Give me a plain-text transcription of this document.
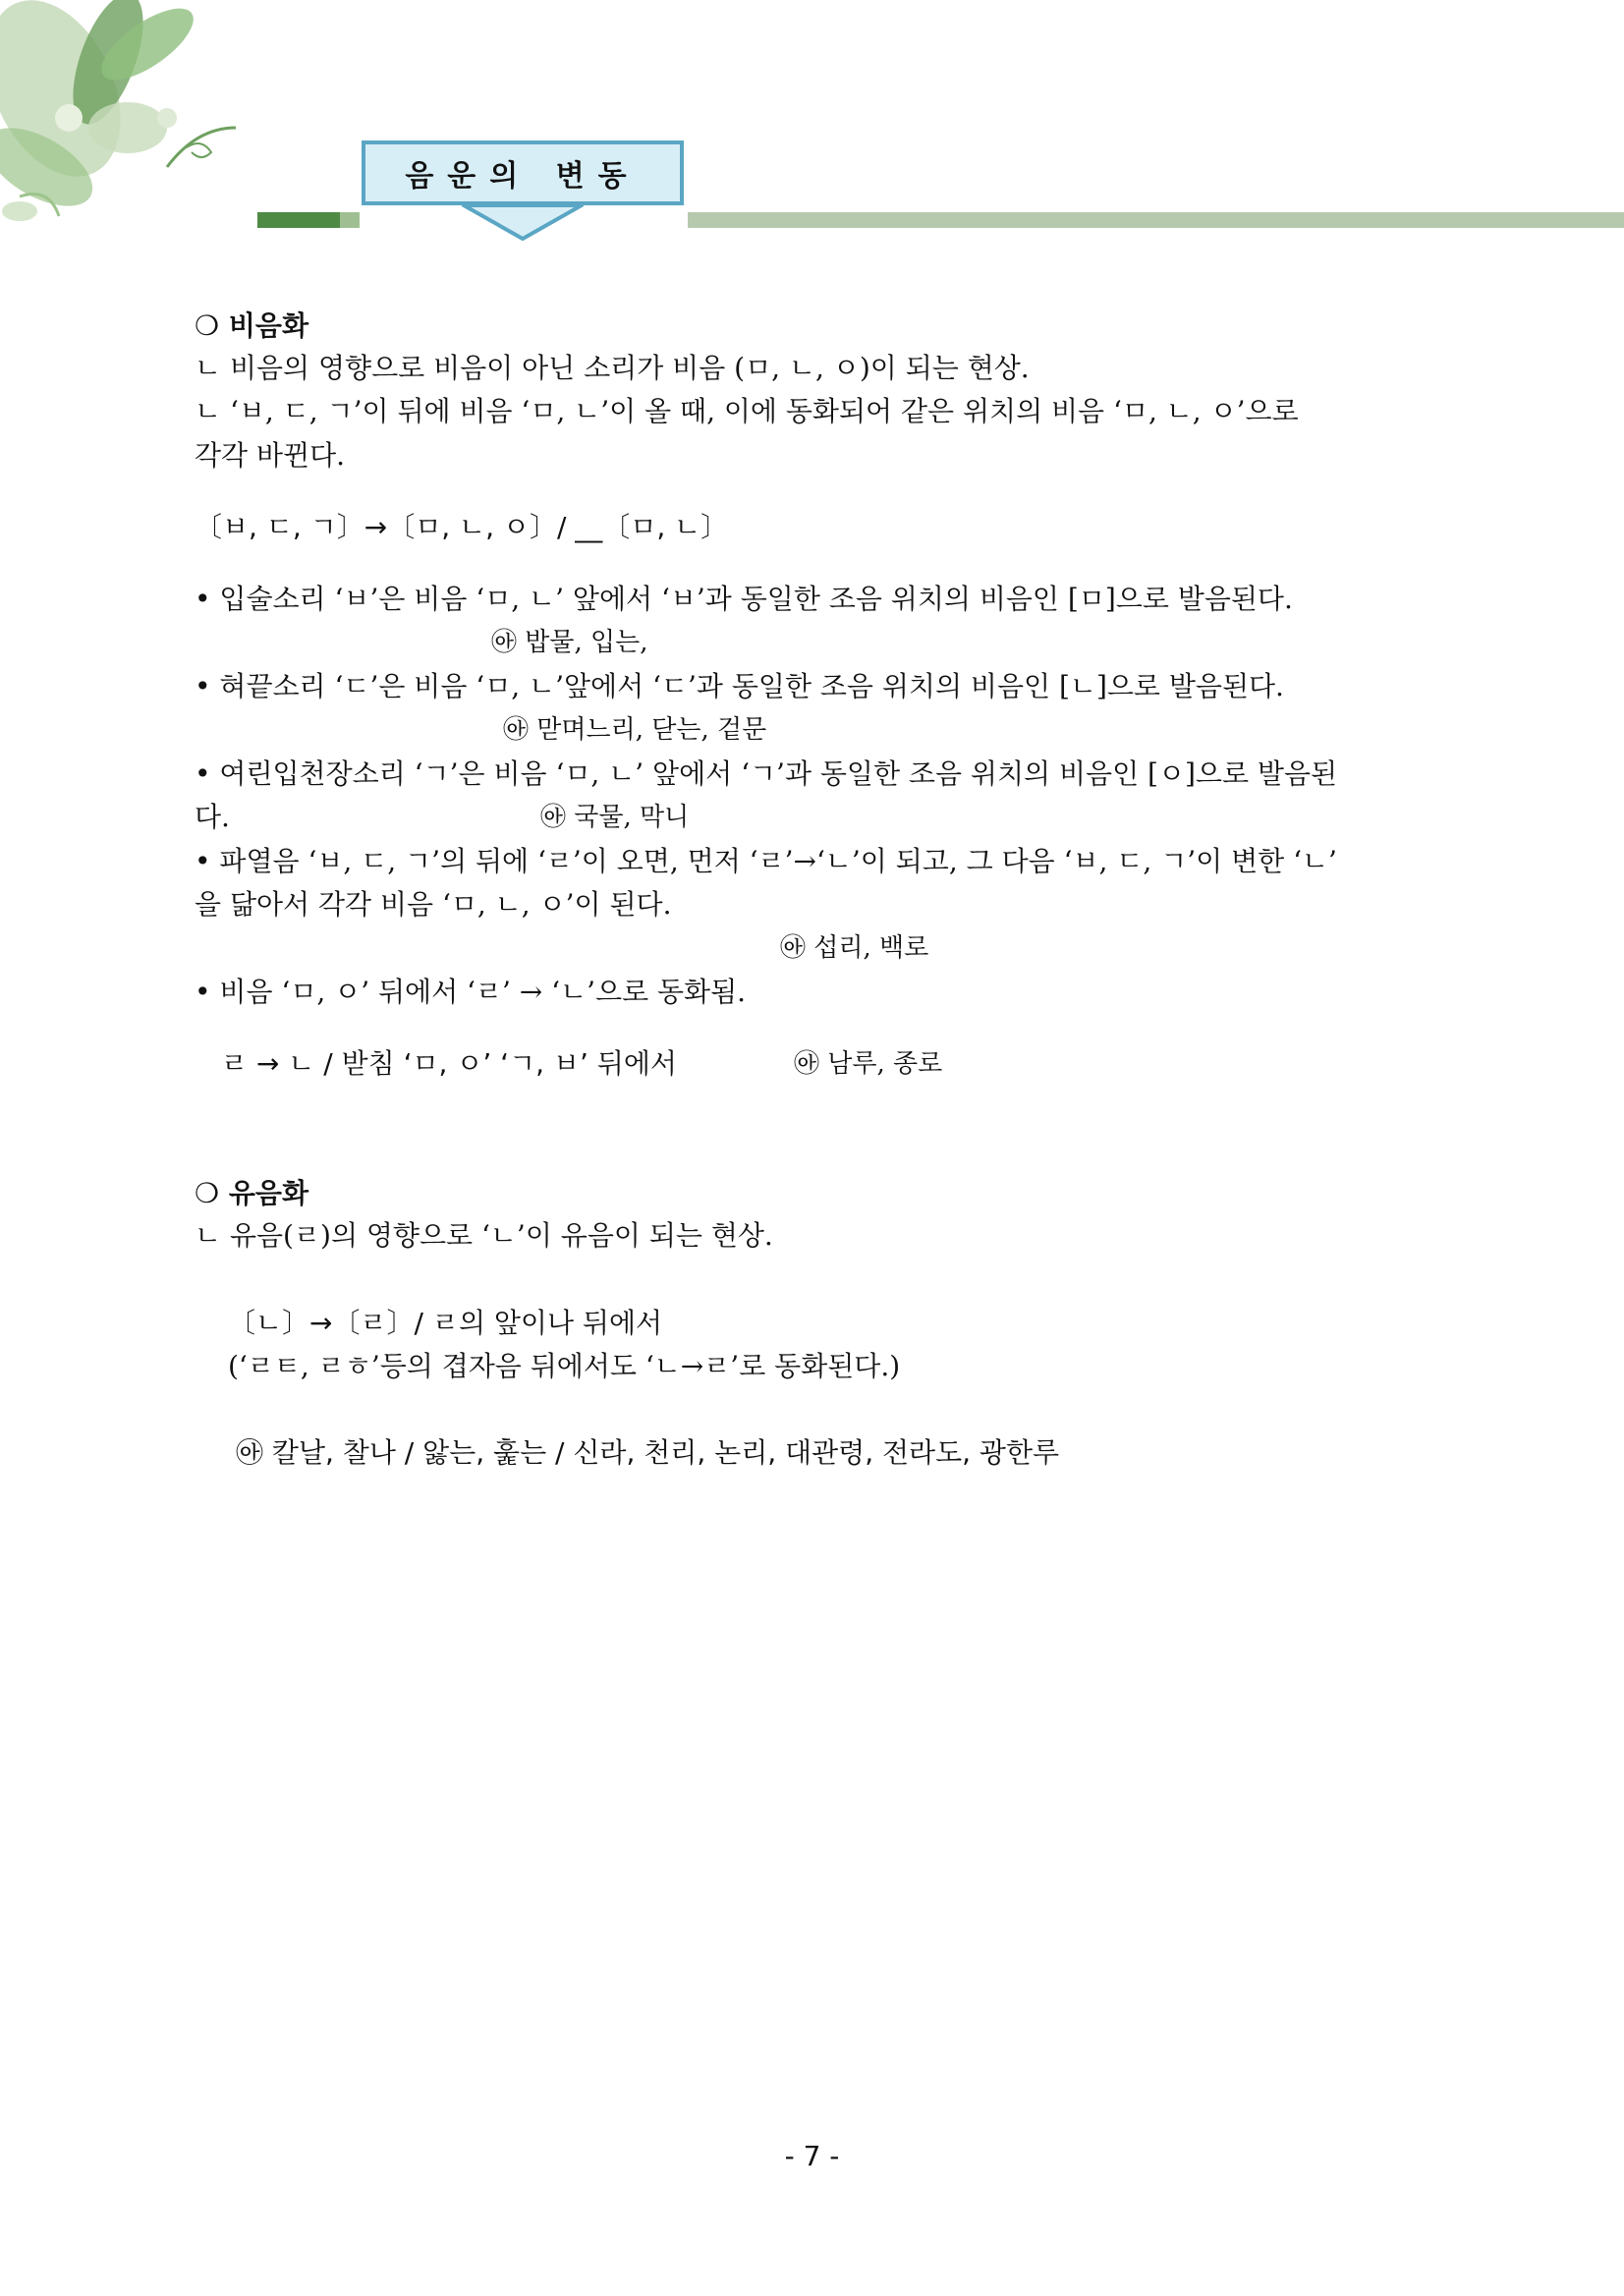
음운의 변동
❍ 비음화
ㄴ 비음의 영향으로 비음이 아닌 소리가 비음 (ㅁ, ㄴ, ㅇ)이 되는 현상.
ㄴ ‘ㅂ, ㄷ, ㄱ’이 뒤에 비음 ‘ㅁ, ㄴ’이 올 때, 이에 동화되어 같은 위치의 비음 ‘ㅁ, ㄴ, ㅇ’으로
각각 바뀐다.
〔ㅂ, ㄷ, ㄱ〕→〔ㅁ, ㄴ, ㅇ〕/ __〔ㅁ, ㄴ〕
• 입술소리 ‘ㅂ’은 비음 ‘ㅁ, ㄴ’ 앞에서 ‘ㅂ’과 동일한 조음 위치의 비음인 [ㅁ]으로 발음된다.
㉵ 밥물, 입는,
• 혀끝소리 ‘ㄷ’은 비음 ‘ㅁ, ㄴ’앞에서 ‘ㄷ’과 동일한 조음 위치의 비음인 [ㄴ]으로 발음된다.
㉵ 맏며느리, 닫는, 겉문
• 여린입천장소리 ‘ㄱ’은 비음 ‘ㅁ, ㄴ’ 앞에서 ‘ㄱ’과 동일한 조음 위치의 비음인 [ㅇ]으로 발음된
다.	㉵ 국물, 막니
• 파열음 ‘ㅂ, ㄷ, ㄱ’의 뒤에 ‘ㄹ’이 오면, 먼저 ‘ㄹ’→‘ㄴ’이 되고, 그 다음 ‘ㅂ, ㄷ, ㄱ’이 변한 ‘ㄴ’
을 닮아서 각각 비음 ‘ㅁ, ㄴ, ㅇ’이 된다.
㉵ 섭리, 백로
• 비음 ‘ㅁ, ㅇ’ 뒤에서 ‘ㄹ’ → ‘ㄴ’으로 동화됨.
ㄹ → ㄴ / 받침 ‘ㅁ, ㅇ’ ‘ㄱ, ㅂ’ 뒤에서	㉵ 남루, 종로
❍ 유음화
ㄴ 유음(ㄹ)의 영향으로 ‘ㄴ’이 유음이 되는 현상.
〔ㄴ〕→〔ㄹ〕/ ㄹ의 앞이나 뒤에서
(‘ㄹㅌ, ㄹㅎ’등의 겹자음 뒤에서도 ‘ㄴ→ㄹ’로 동화된다.)
㉵ 칼날, 찰나 / 앓는, 훑는 / 신라, 천리, 논리, 대관령, 전라도, 광한루
- 7 -
